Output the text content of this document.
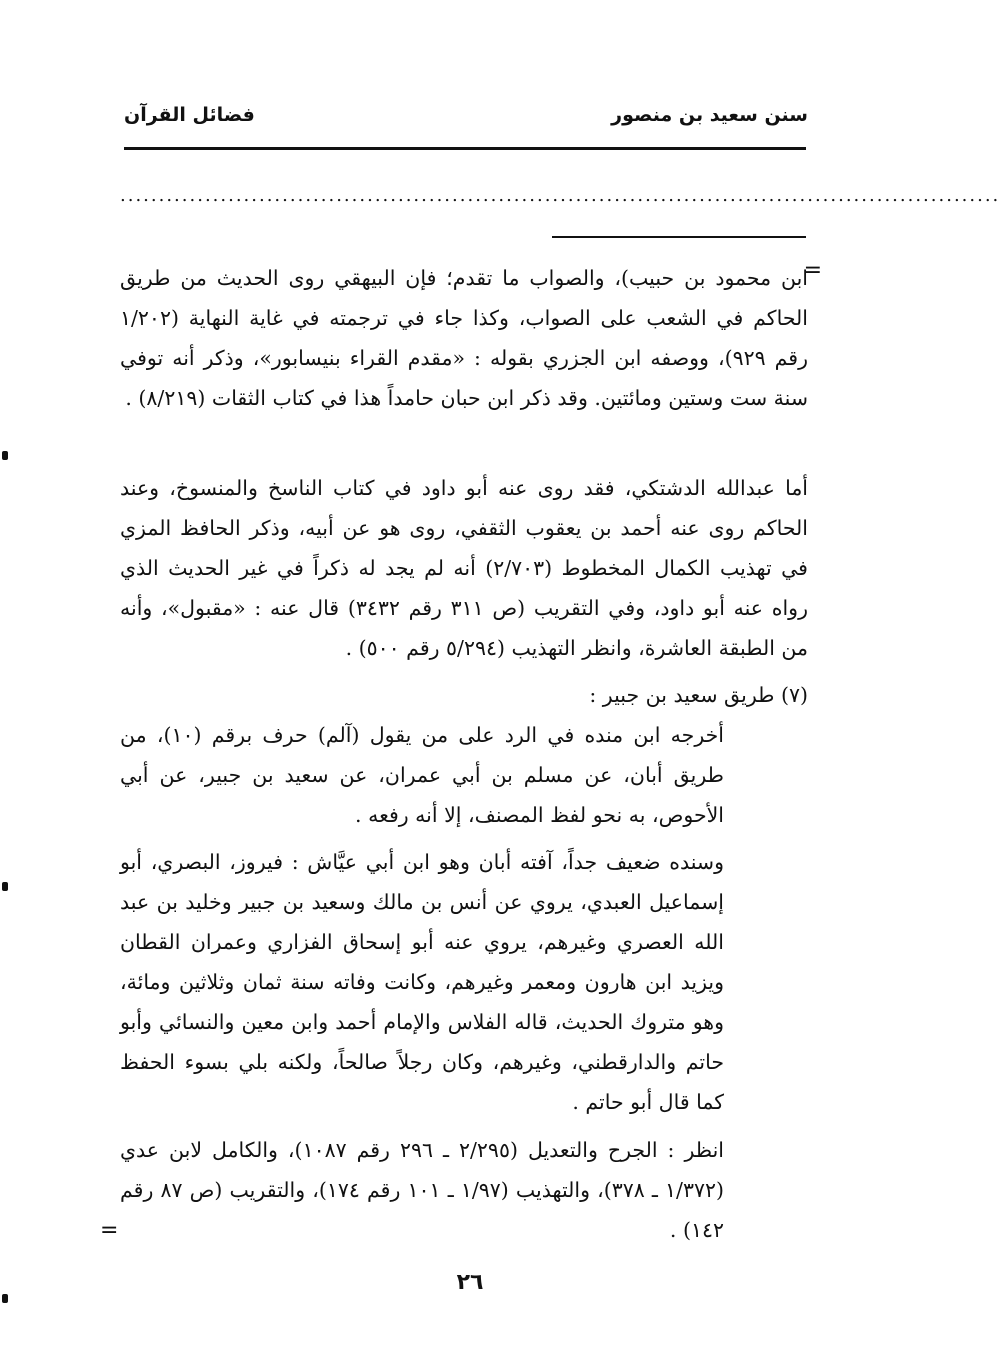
سنن سعيد بن منصور
فضائل القرآن
..................................................................................................................
=
ابن محمود بن حبيب)، والصواب ما تقدم؛ فإن البيهقي روى الحديث من طريق الحاكم في الشعب على الصواب، وكذا جاء في ترجمته في غاية النهاية (١/٢٠٢ رقم ٩٢٩)، ووصفه ابن الجزري بقوله : «مقدم القراء بنيسابور»، وذكر أنه توفي سنة ست وستين ومائتين. وقد ذكر ابن حبان حامداً هذا في كتاب الثقات (٨/٢١٩) .
أما عبدالله الدشتكي، فقد روى عنه أبو داود في كتاب الناسخ والمنسوخ، وعند الحاكم روى عنه أحمد بن يعقوب الثقفي، روى هو عن أبيه، وذكر الحافظ المزي في تهذيب الكمال المخطوط (٢/٧٠٣) أنه لم يجد له ذكراً في غير الحديث الذي رواه عنه أبو داود، وفي التقريب (ص ٣١١ رقم ٣٤٣٢) قال عنه : «مقبول»، وأنه من الطبقة العاشرة، وانظر التهذيب (٥/٢٩٤ رقم ٥٠٠) .
(٧) طريق سعيد بن جبير :
أخرجه ابن منده في الرد على من يقول (آلم) حرف برقم (١٠)، من طريق أبان، عن مسلم بن أبي عمران، عن سعيد بن جبير، عن أبي الأحوص، به نحو لفظ المصنف، إلا أنه رفعه .
وسنده ضعيف جداً، آفته أبان وهو ابن أبي عيَّاش : فيروز، البصري، أبو إسماعيل العبدي، يروي عن أنس بن مالك وسعيد بن جبير وخليد بن عبد الله العصري وغيرهم، يروي عنه أبو إسحاق الفزاري وعمران القطان ويزيد ابن هارون ومعمر وغيرهم، وكانت وفاته سنة ثمان وثلاثين ومائة، وهو متروك الحديث، قاله الفلاس والإمام أحمد وابن معين والنسائي وأبو حاتم والدارقطني، وغيرهم، وكان رجلاً صالحاً، ولكنه بلي بسوء الحفظ كما قال أبو حاتم .
انظر : الجرح والتعديل (٢/٢٩٥ ـ ٢٩٦ رقم ١٠٨٧)، والكامل لابن عدي (١/٣٧٢ ـ ٣٧٨)، والتهذيب (١/٩٧ ـ ١٠١ رقم ١٧٤)، والتقريب (ص ٨٧ رقم ١٤٢) .
=
٢٦
